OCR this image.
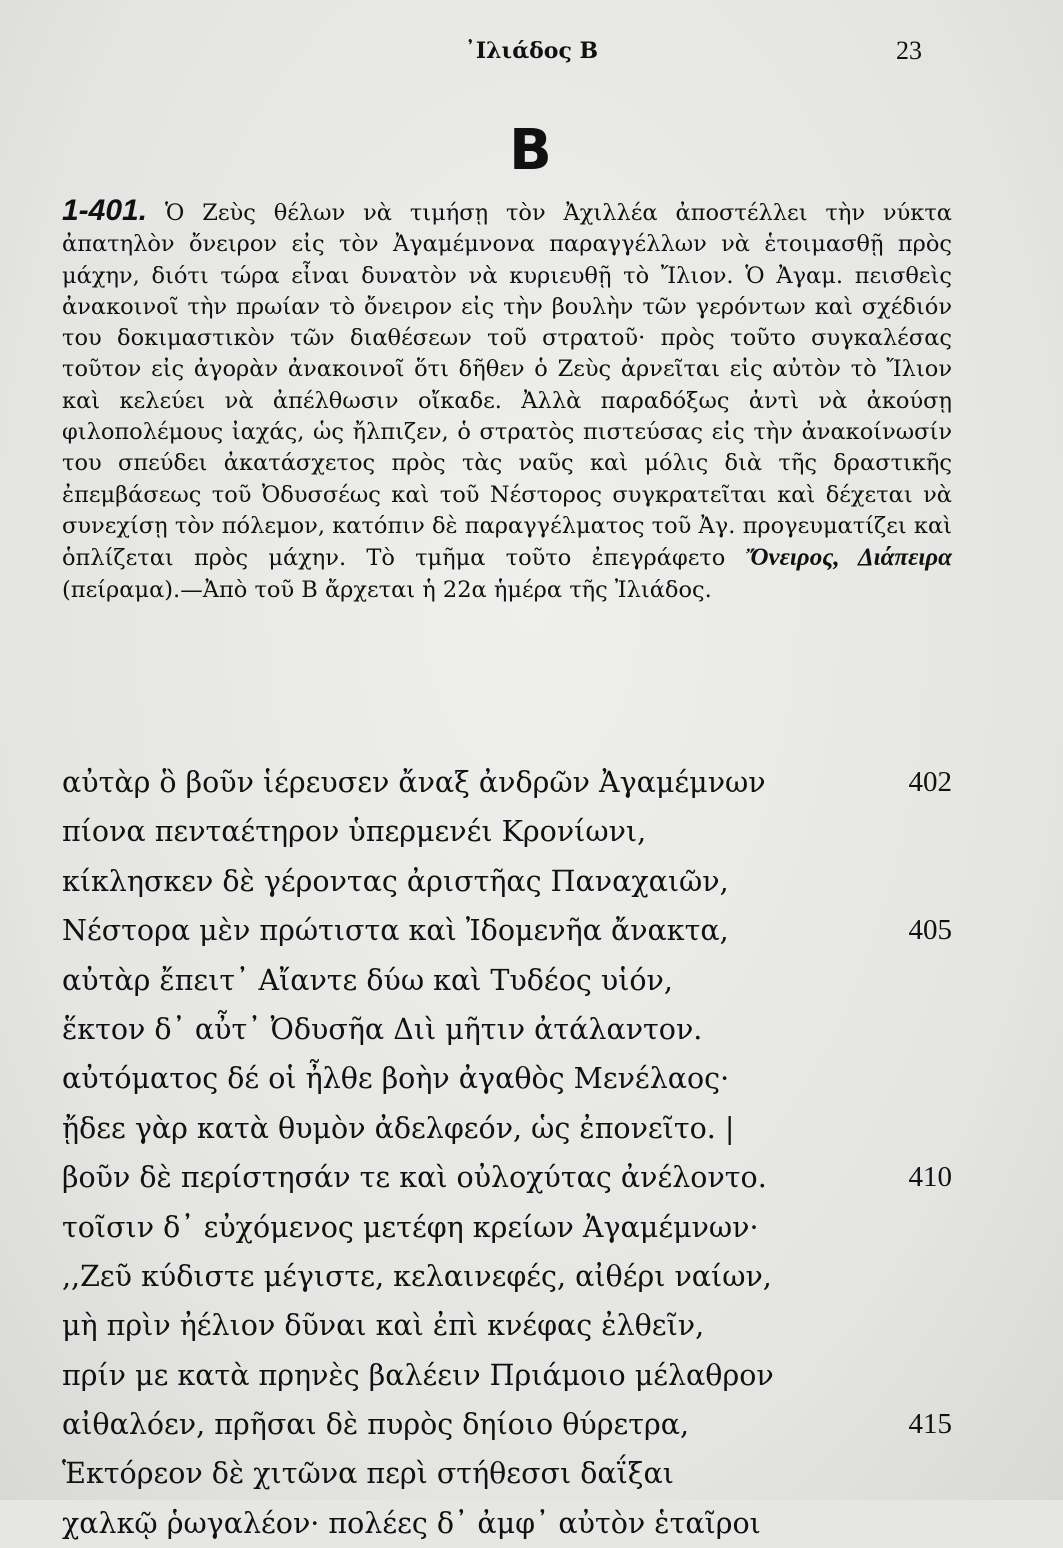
᾿Ιλιάδος Β	23
Β
1-401. Ὁ Ζεὺς θέλων νὰ τιμήσῃ τὸν Ἀχιλλέα ἀποστέλλει τὴν νύκτα ἀπατηλὸν ὄνειρον εἰς τὸν Ἀγαμέμνονα παραγγέλλων νὰ ἑτοιμασθῇ πρὸς μάχην, διότι τώρα εἶναι δυνατὸν νὰ κυριευθῇ τὸ Ἴλιον. Ὁ Ἀγαμ. πεισθεὶς ἀνακοινοῖ τὴν πρωίαν τὸ ὄνειρον εἰς τὴν βουλὴν τῶν γερόντων καὶ σχέδιόν του δοκιμαστικὸν τῶν διαθέσεων τοῦ στρατοῦ· πρὸς τοῦτο συγκαλέσας τοῦτον εἰς ἀγορὰν ἀνακοινοῖ ὅτι δῆθεν ὁ Ζεὺς ἀρνεῖται εἰς αὐτὸν τὸ Ἴλιον καὶ κελεύει νὰ ἀπέλθωσιν οἴκαδε. Ἀλλὰ παραδόξως ἀντὶ νὰ ἀκούσῃ φιλοπολέμους ἰαχάς, ὡς ἤλπιζεν, ὁ στρατὸς πιστεύσας εἰς τὴν ἀνακοίνωσίν του σπεύδει ἀκατάσχετος πρὸς τὰς ναῦς καὶ μόλις διὰ τῆς δραστικῆς ἐπεμβάσεως τοῦ Ὀδυσσέως καὶ τοῦ Νέστορος συγκρατεῖται καὶ δέχεται νὰ συνεχίσῃ τὸν πόλεμον, κατόπιν δὲ παραγγέλματος τοῦ Ἀγ. προγευματίζει καὶ ὁπλίζεται πρὸς μάχην. Τὸ τμῆμα τοῦτο ἐπεγράφετο Ὄνειρος, Διάπειρα (πείραμα).—Ἀπὸ τοῦ Β ἄρχεται ἡ 22α ἡμέρα τῆς Ἰλιάδος.
αὐτὰρ ὃ βοῦν ἱέρευσεν ἄναξ ἀνδρῶν Ἀγαμέμνων	402
πίονα πενταέτηρον ὑπερμενέι Κρονίωνι,
κίκλησκεν δὲ γέροντας ἀριστῆας Παναχαιῶν,
Νέστορα μὲν πρώτιστα καὶ Ἰδομενῆα ἄνακτα,	405
αὐτὰρ ἔπειτ᾿ Αἴαντε δύω καὶ Τυδέος υἱόν,
ἕκτον δ᾿ αὖτ᾿ Ὀδυσῆα Διὶ μῆτιν ἀτάλαντον.
αὐτόματος δέ οἱ ἦλθε βοὴν ἀγαθὸς Μενέλαος·
ᾔδεε γὰρ κατὰ θυμὸν ἀδελφεόν, ὡς ἐπονεῖτο. |
βοῦν δὲ περίστησάν τε καὶ οὐλοχύτας ἀνέλοντο.	410
τοῖσιν δ᾿ εὐχόμενος μετέφη κρείων Ἀγαμέμνων·
,,Ζεῦ κύδιστε μέγιστε, κελαινεφές, αἰθέρι ναίων,
μὴ πρὶν ἠέλιον δῦναι καὶ ἐπὶ κνέφας ἐλθεῖν,
πρίν με κατὰ πρηνὲς βαλέειν Πριάμοιο μέλαθρον
αἰθαλόεν, πρῆσαι δὲ πυρὸς δηίοιο θύρετρα,	415
Ἑκτόρεον δὲ χιτῶνα περὶ στήθεσσι δαΐξαι
χαλκῷ ῥωγαλέον· πολέες δ᾿ ἀμφ᾿ αὐτὸν ἑταῖροι
